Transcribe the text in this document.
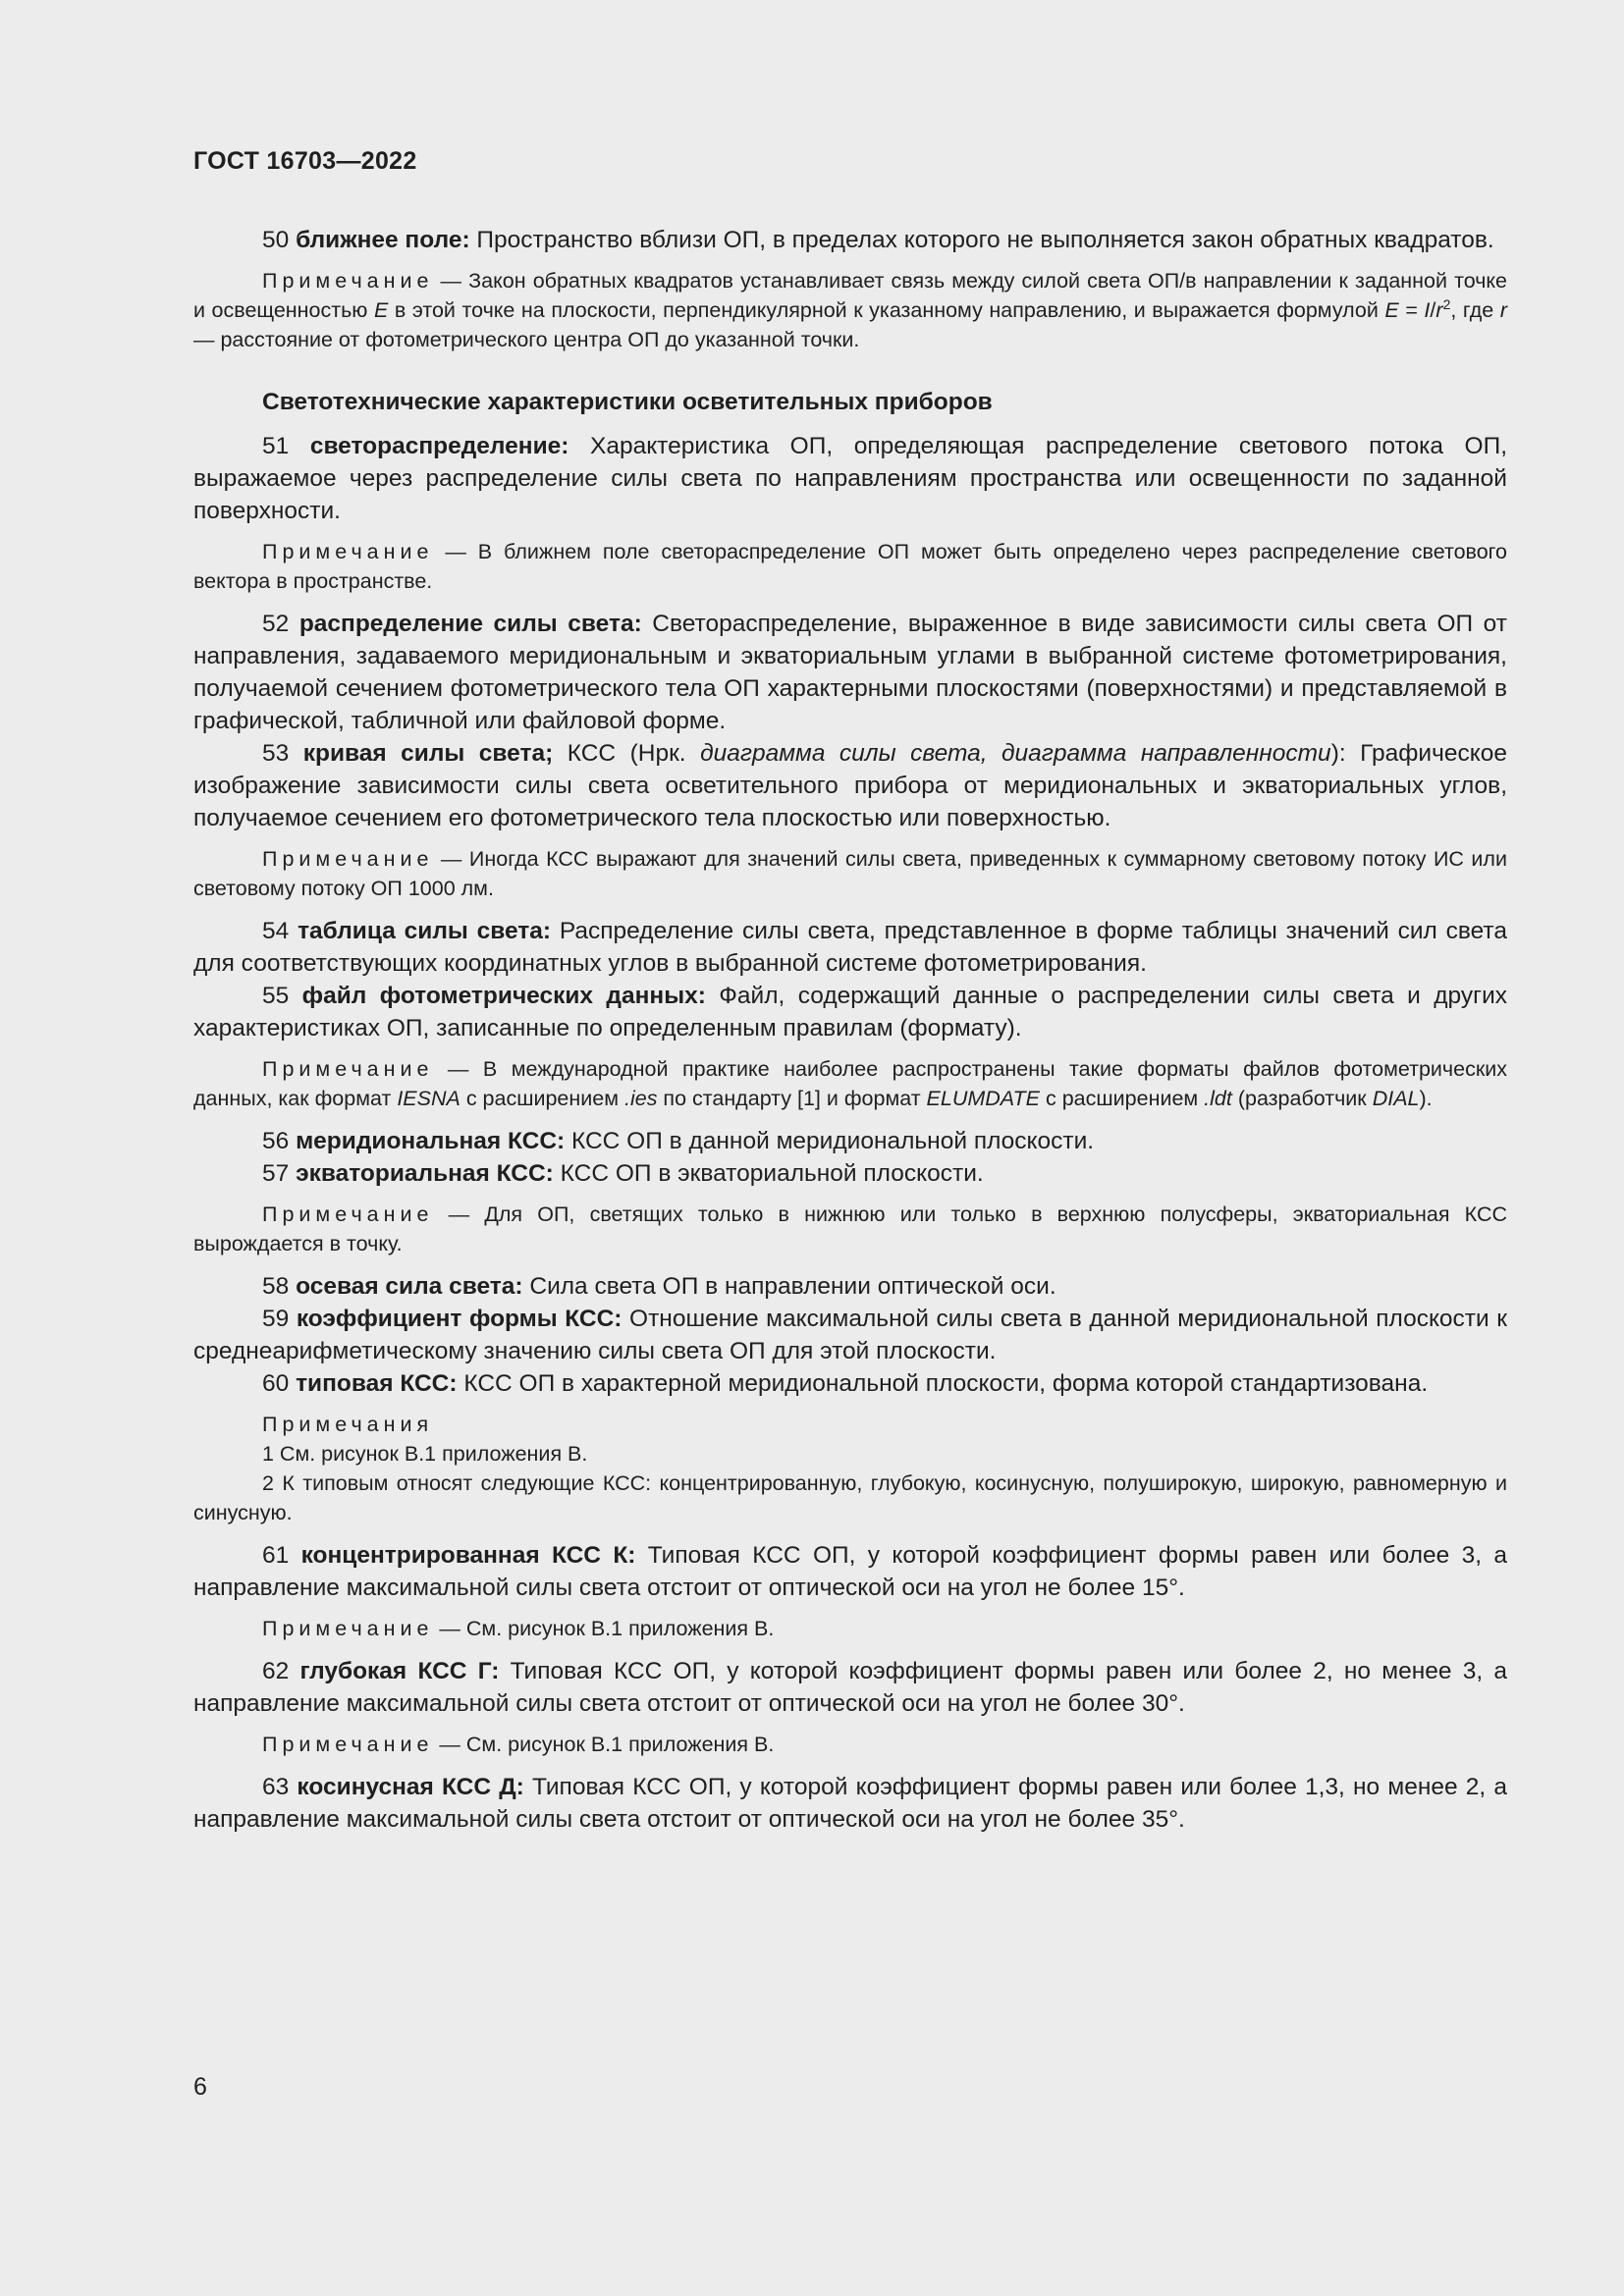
ГОСТ 16703—2022

50 ближнее поле: Пространство вблизи ОП, в пределах которого не выполняется закон обратных квадратов.

Примечание — Закон обратных квадратов устанавливает связь между силой света ОП/в направлении к заданной точке и освещенностью E в этой точке на плоскости, перпендикулярной к указанному направлению, и выражается формулой $E = I/r^2$, где r — расстояние от фотометрического центра ОП до указанной точки.

Светотехнические характеристики осветительных приборов

51 светораспределение: Характеристика ОП, определяющая распределение светового потока ОП, выражаемое через распределение силы света по направлениям пространства или освещенности по заданной поверхности.

Примечание — В ближнем поле светораспределение ОП может быть определено через распределение светового вектора в пространстве.

52 распределение силы света: Светораспределение, выраженное в виде зависимости силы света ОП от направления, задаваемого меридиональным и экваториальным углами в выбранной системе фотометрирования, получаемой сечением фотометрического тела ОП характерными плоскостями (поверхностями) и представляемой в графической, табличной или файловой форме.

53 кривая силы света; КСС (Нрк. диаграмма силы света, диаграмма направленности): Графическое изображение зависимости силы света осветительного прибора от меридиональных и экваториальных углов, получаемое сечением его фотометрического тела плоскостью или поверхностью.

Примечание — Иногда КСС выражают для значений силы света, приведенных к суммарному световому потоку ИС или световому потоку ОП 1000 лм.

54 таблица силы света: Распределение силы света, представленное в форме таблицы значений сил света для соответствующих координатных углов в выбранной системе фотометрирования.

55 файл фотометрических данных: Файл, содержащий данные о распределении силы света и других характеристиках ОП, записанные по определенным правилам (формату).

Примечание — В международной практике наиболее распространены такие форматы файлов фотометрических данных, как формат IESNA с расширением .ies по стандарту [1] и формат ELUMDATE с расширением .ldt (разработчик DIAL).

56 меридиональная КСС: КСС ОП в данной меридиональной плоскости.

57 экваториальная КСС: КСС ОП в экваториальной плоскости.

Примечание — Для ОП, светящих только в нижнюю или только в верхнюю полусферы, экваториальная КСС вырождается в точку.

58 осевая сила света: Сила света ОП в направлении оптической оси.

59 коэффициент формы КСС: Отношение максимальной силы света в данной меридиональной плоскости к среднеарифметическому значению силы света ОП для этой плоскости.

60 типовая КСС: КСС ОП в характерной меридиональной плоскости, форма которой стандартизована.

Примечания

1 См. рисунок В.1 приложения В.

2 К типовым относят следующие КСС: концентрированную, глубокую, косинусную, полуширокую, широкую, равномерную и синусную.

61 концентрированная КСС К: Типовая КСС ОП, у которой коэффициент формы равен или более 3, а направление максимальной силы света отстоит от оптической оси на угол не более 15°.

Примечание — См. рисунок В.1 приложения В.

62 глубокая КСС Г: Типовая КСС ОП, у которой коэффициент формы равен или более 2, но менее 3, а направление максимальной силы света отстоит от оптической оси на угол не более 30°.

Примечание — См. рисунок В.1 приложения В.

63 косинусная КСС Д: Типовая КСС ОП, у которой коэффициент формы равен или более 1,3, но менее 2, а направление максимальной силы света отстоит от оптической оси на угол не более 35°.

6
